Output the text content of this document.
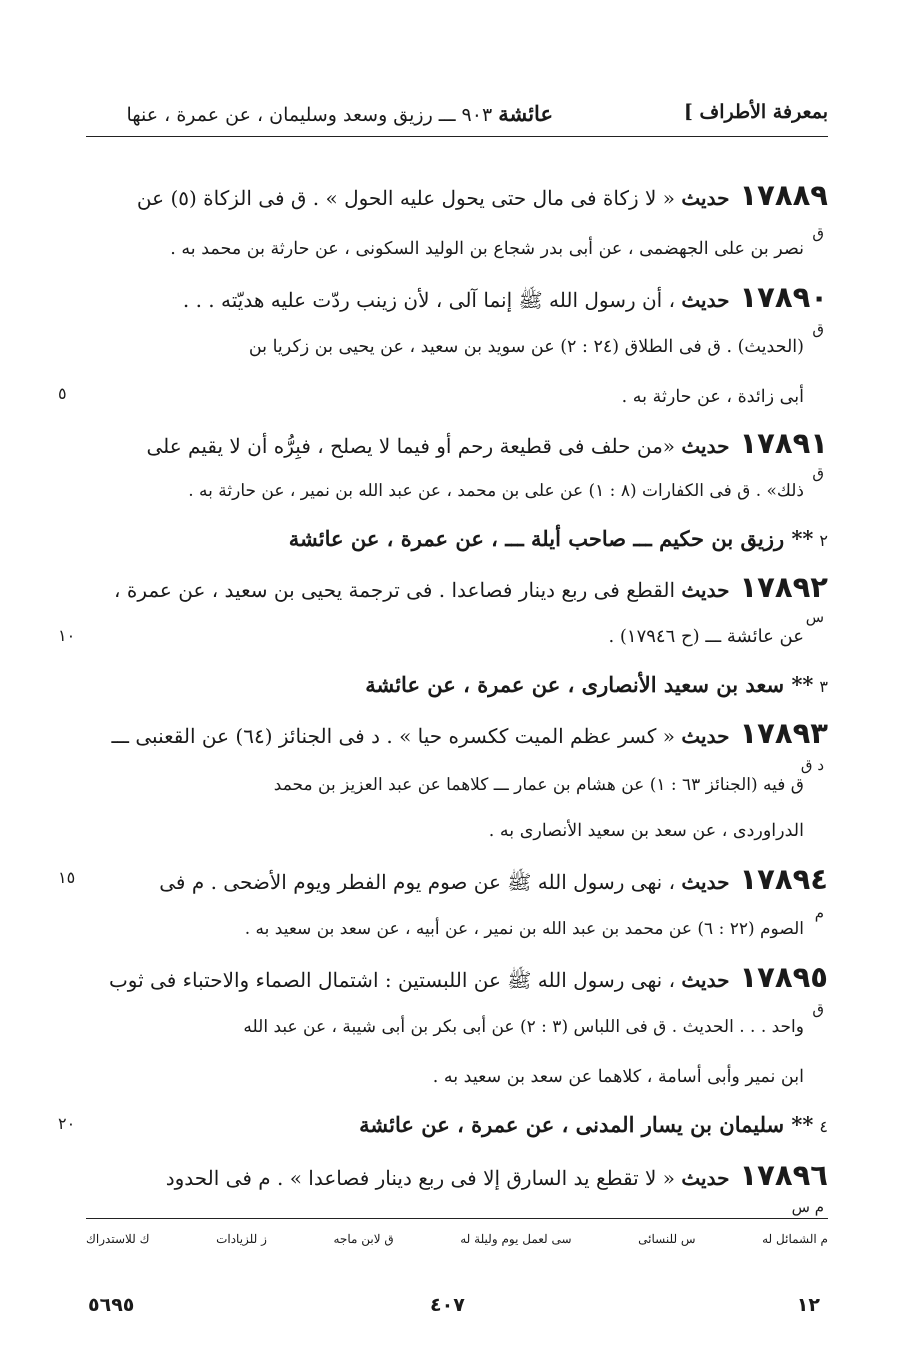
بمعرفة الأطراف ]
عائشة ٩٠٣ ـــ رزيق وسعد وسليمان ، عن عمرة ، عنها
١٧٨٨٩حديث « لا زكاة فى مال حتى يحول عليه الحول » . ق فى الزكاة (٥) عن
ق
نصر بن على الجهضمى ، عن أبى بدر شجاع بن الوليد السكونى ، عن حارثة بن محمد به .
١٧٨٩٠حديث ، أن رسول الله ﷺ إنما آلى ، لأن زينب ردّت عليه هديّته . . .
ق
(الحديث) . ق فى الطلاق (٢٤ : ٢) عن سويد بن سعيد ، عن يحيى بن زكريا بن
أبى زائدة ، عن حارثة به .
٥
١٧٨٩١حديث «من حلف فى قطيعة رحم أو فيما لا يصلح ، فبِرُّه أن لا يقيم على
ق
ذلك» . ق فى الكفارات (٨ : ١) عن على بن محمد ، عن عبد الله بن نمير ، عن حارثة به .
٢** رزيق بن حكيم ـــ صاحب أيلة ـــ ، عن عمرة ، عن عائشة
١٧٨٩٢حديث القطع فى ربع دينار فصاعدا . فى ترجمة يحيى بن سعيد ، عن عمرة ،
س
عن عائشة ـــ (ح ١٧٩٤٦) .
١٠
٣** سعد بن سعيد الأنصارى ، عن عمرة ، عن عائشة
١٧٨٩٣حديث « كسر عظم الميت ككسره حيا » . د فى الجنائز (٦٤) عن القعنبى ـــ
د ق
ق فيه (الجنائز ٦٣ : ١) عن هشام بن عمار ـــ كلاهما عن عبد العزيز بن محمد
الدراوردى ، عن سعد بن سعيد الأنصارى به .
١٧٨٩٤حديث ، نهى رسول الله ﷺ عن صوم يوم الفطر ويوم الأضحى . م فى
١٥
م
الصوم (٢٢ : ٦) عن محمد بن عبد الله بن نمير ، عن أبيه ، عن سعد بن سعيد به .
١٧٨٩٥حديث ، نهى رسول الله ﷺ عن اللبستين : اشتمال الصماء والاحتباء فى ثوب
ق
واحد . . . الحديث . ق فى اللباس (٣ : ٢) عن أبى بكر بن أبى شيبة ، عن عبد الله
ابن نمير وأبى أسامة ، كلاهما عن سعد بن سعيد به .
٤** سليمان بن يسار المدنى ، عن عمرة ، عن عائشة
٢٠
١٧٨٩٦حديث « لا تقطع يد السارق إلا فى ربع دينار فصاعدا » . م فى الحدود
م س
م الشمائل له
س للنسائى
سى لعمل يوم وليلة له
ق لابن ماجه
ز للزيادات
ك للاستدراك
٥٦٩٥	٤٠٧	١٢
